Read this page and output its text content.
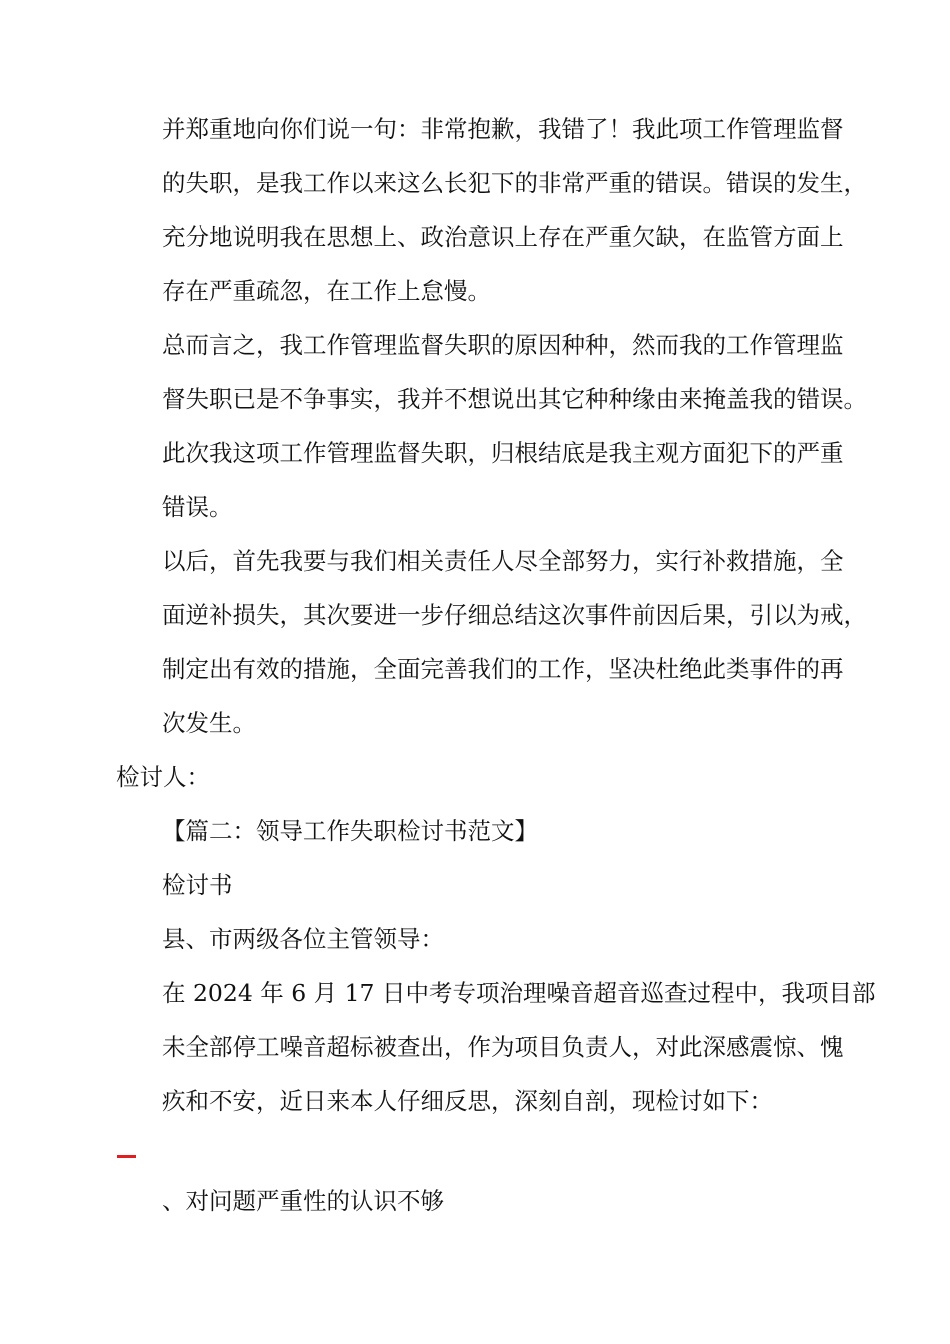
并郑重地向你们说一句：非常抱歉，我错了！我此项工作管理监督
的失职，是我工作以来这么长犯下的非常严重的错误。错误的发生，
充分地说明我在思想上、政治意识上存在严重欠缺，在监管方面上
存在严重疏忽，在工作上怠慢。
总而言之，我工作管理监督失职的原因种种，然而我的工作管理监
督失职已是不争事实，我并不想说出其它种种缘由来掩盖我的错误。
此次我这项工作管理监督失职，归根结底是我主观方面犯下的严重
错误。
以后，首先我要与我们相关责任人尽全部努力，实行补救措施，全
面逆补损失，其次要进一步仔细总结这次事件前因后果，引以为戒，
制定出有效的措施，全面完善我们的工作，坚决杜绝此类事件的再
次发生。
检讨人：
【篇二：领导工作失职检讨书范文】
检讨书
县、市两级各位主管领导：
在 2024 年 6 月 17 日中考专项治理噪音超音巡查过程中，我项目部
未全部停工噪音超标被查出，作为项目负责人，对此深感震惊、愧
疚和不安，近日来本人仔细反思，深刻自剖，现检讨如下：
、对问题严重性的认识不够
